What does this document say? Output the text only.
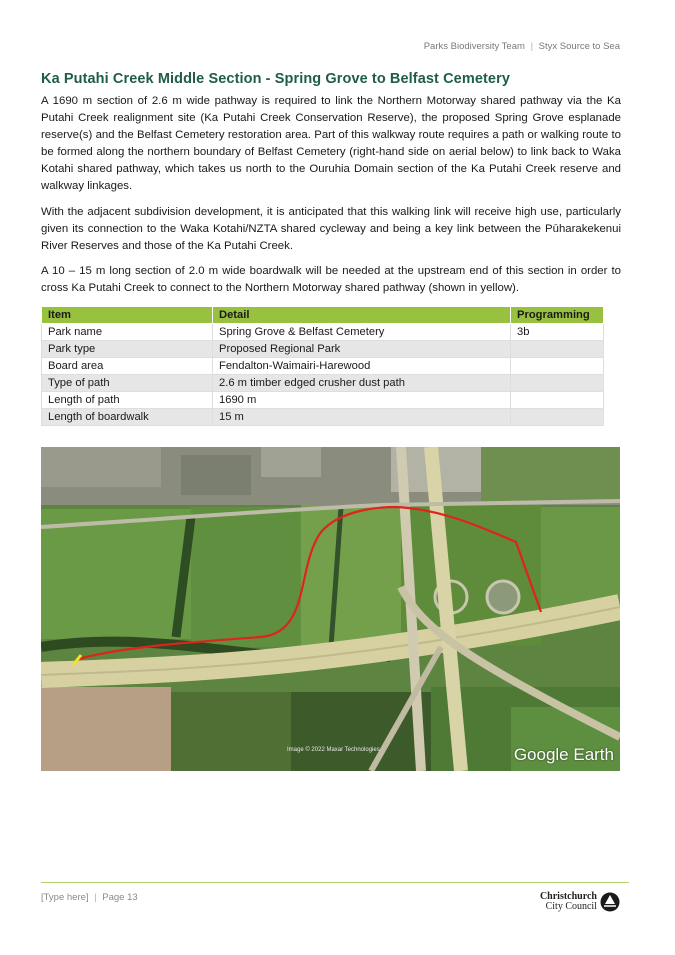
Parks Biodiversity Team | Styx Source to Sea
Ka Putahi Creek Middle Section - Spring Grove to Belfast Cemetery

A 1690 m section of 2.6 m wide pathway is required to link the Northern Motorway shared pathway via the Ka Putahi Creek realignment site (Ka Putahi Creek Conservation Reserve), the proposed Spring Grove esplanade reserve(s) and the Belfast Cemetery restoration area. Part of this walkway route requires a path or walking route to be formed along the northern boundary of Belfast Cemetery (right-hand side on aerial below) to link back to Waka Kotahi shared pathway, which takes us north to the Ouruhia Domain section of the Ka Putahi Creek reserve and walkway linkages.

With the adjacent subdivision development, it is anticipated that this walking link will receive high use, particularly given its connection to the Waka Kotahi/NZTA shared cycleway and being a key link between the Pūharakekenui River Reserves and those of the Ka Putahi Creek.

A 10 – 15 m long section of 2.0 m wide boardwalk will be needed at the upstream end of this section in order to cross Ka Putahi Creek to connect to the Northern Motorway shared pathway (shown in yellow).

Item	Detail	Programming
Park name	Spring Grove & Belfast Cemetery	3b
Park type	Proposed Regional Park	
Board area	Fendalton-Waimairi-Harewood	
Type of path	2.6 m timber edged crusher dust path	
Length of path	1690 m	
Length of boardwalk	15 m	
Image © 2022 Maxar Technologies	Google Earth
[Type here] | Page 13	Christchurch
City Council
